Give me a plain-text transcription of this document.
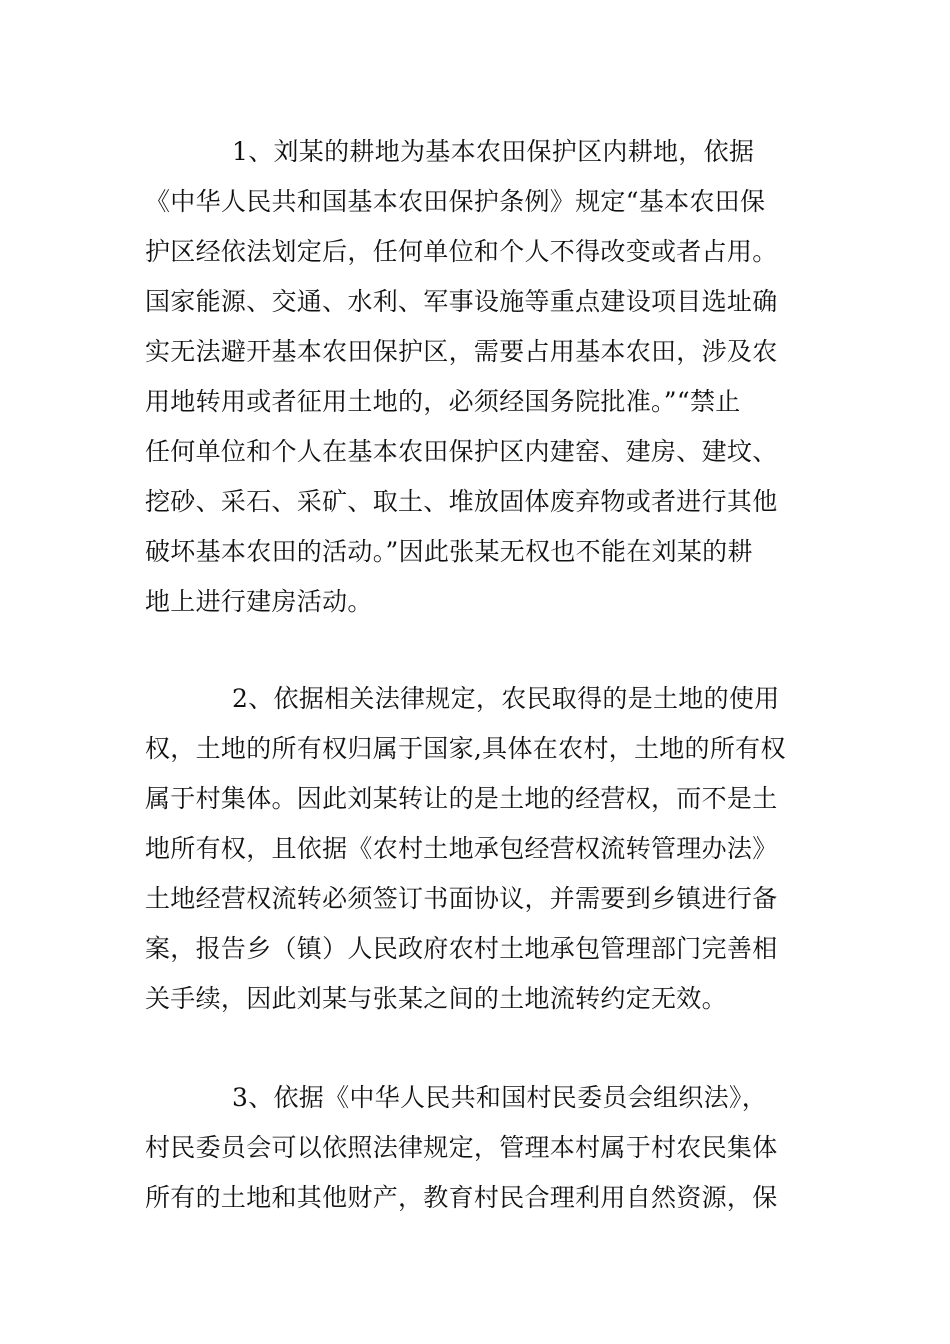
1、刘某的耕地为基本农田保护区内耕地，依据
《中华人民共和国基本农田保护条例》规定“基本农田保
护区经依法划定后，任何单位和个人不得改变或者占用。
国家能源、交通、水利、军事设施等重点建设项目选址确
实无法避开基本农田保护区，需要占用基本农田，涉及农
用地转用或者征用土地的，必须经国务院批准。”“禁止
任何单位和个人在基本农田保护区内建窑、建房、建坟、
挖砂、采石、采矿、取土、堆放固体废弃物或者进行其他
破坏基本农田的活动。”因此张某无权也不能在刘某的耕
地上进行建房活动。
2、依据相关法律规定，农民取得的是土地的使用
权，土地的所有权归属于国家,具体在农村，土地的所有权
属于村集体。因此刘某转让的是土地的经营权，而不是土
地所有权，且依据《农村土地承包经营权流转管理办法》
土地经营权流转必须签订书面协议，并需要到乡镇进行备
案，报告乡（镇）人民政府农村土地承包管理部门完善相
关手续，因此刘某与张某之间的土地流转约定无效。
3、依据《中华人民共和国村民委员会组织法》，
村民委员会可以依照法律规定，管理本村属于村农民集体
所有的土地和其他财产，教育村民合理利用自然资源，保
